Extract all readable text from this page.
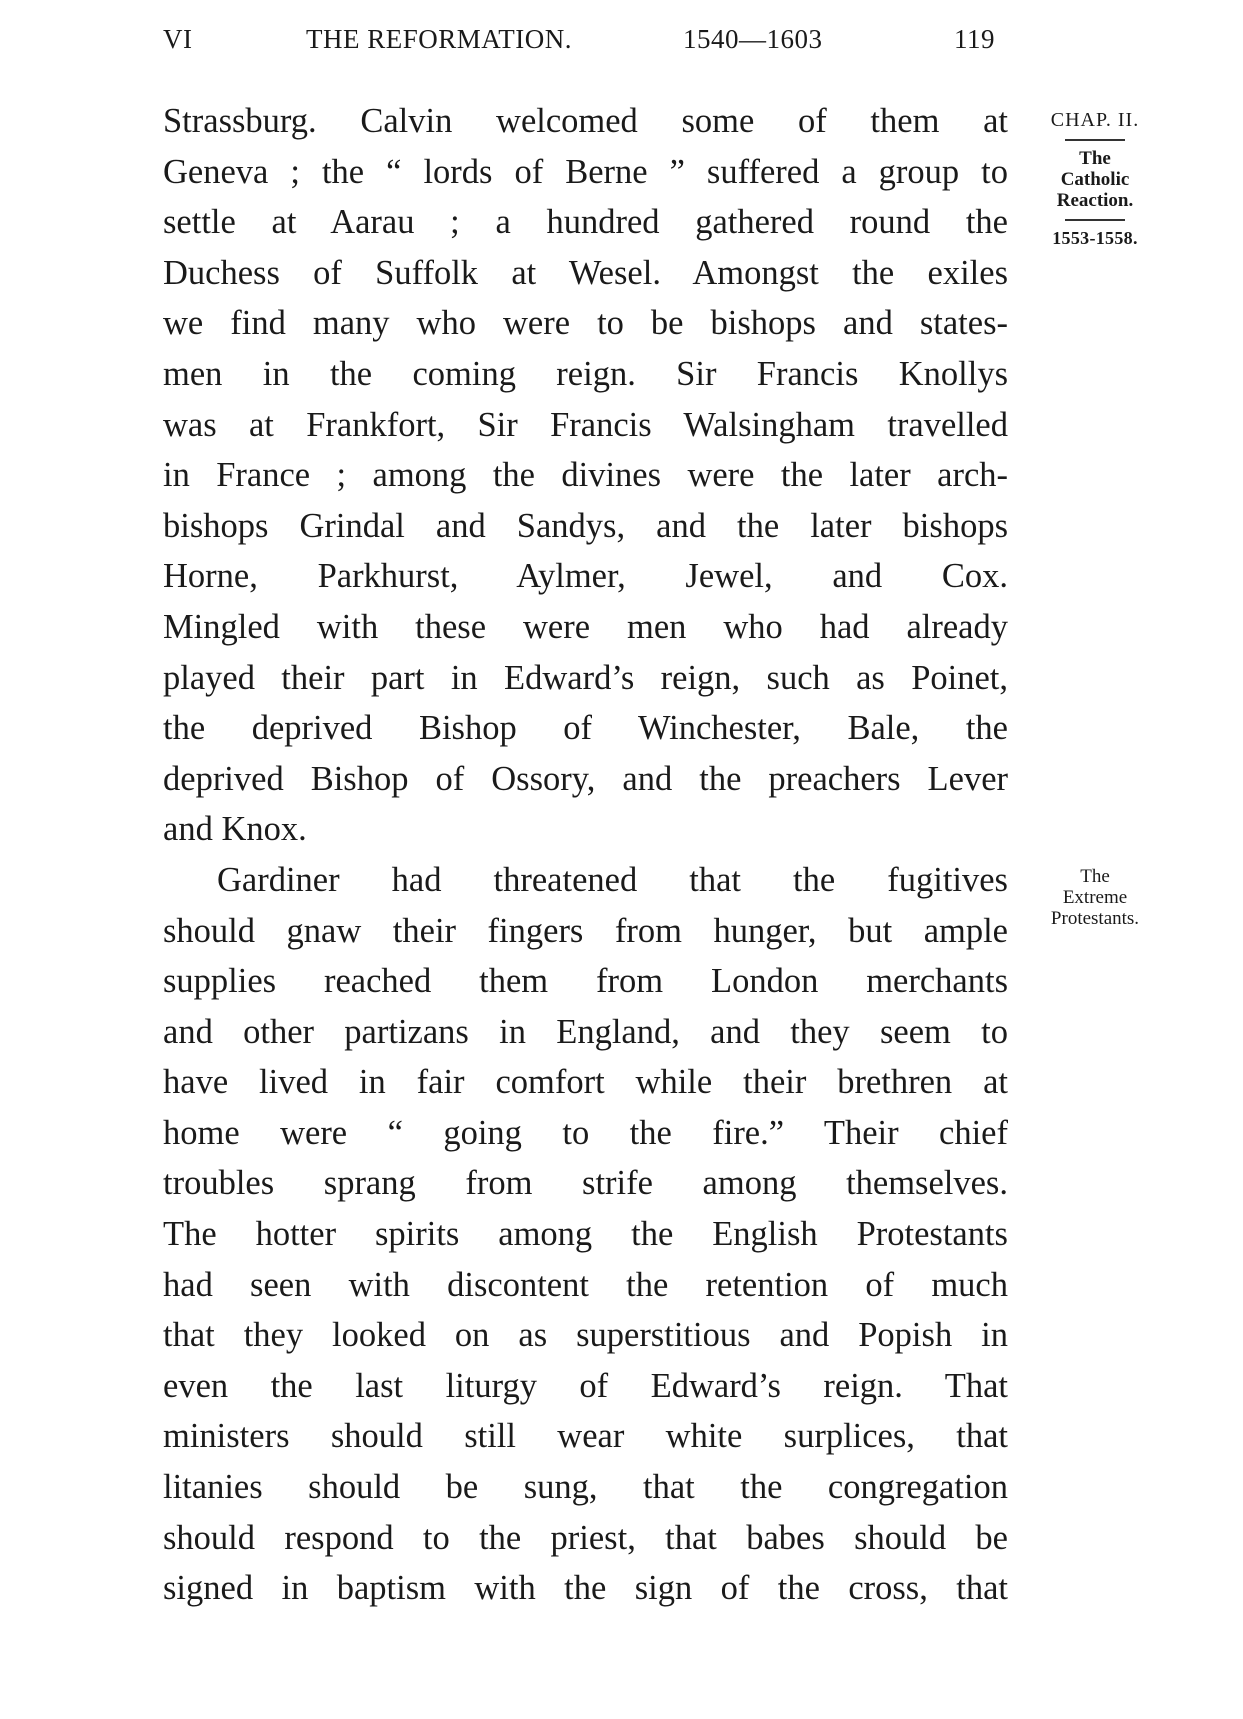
VI	THE REFORMATION.	1540—1603	119
Strassburg. Calvin welcomed some of them at
Geneva ; the “ lords of Berne ” suffered a group to
settle at Aarau ; a hundred gathered round the
Duchess of Suffolk at Wesel. Amongst the exiles
we find many who were to be bishops and states-
men in the coming reign. Sir Francis Knollys
was at Frankfort, Sir Francis Walsingham travelled
in France ; among the divines were the later arch-
bishops Grindal and Sandys, and the later bishops
Horne, Parkhurst, Aylmer, Jewel, and Cox.
Mingled with these were men who had already
played their part in Edward’s reign, such as Poinet,
the deprived Bishop of Winchester, Bale, the
deprived Bishop of Ossory, and the preachers Lever
and Knox.
Gardiner had threatened that the fugitives
should gnaw their fingers from hunger, but ample
supplies reached them from London merchants
and other partizans in England, and they seem to
have lived in fair comfort while their brethren at
home were “ going to the fire.” Their chief
troubles sprang from strife among themselves.
The hotter spirits among the English Protestants
had seen with discontent the retention of much
that they looked on as superstitious and Popish in
even the last liturgy of Edward’s reign. That
ministers should still wear white surplices, that
litanies should be sung, that the congregation
should respond to the priest, that babes should be
signed in baptism with the sign of the cross, that
CHAP. II.
The
Catholic
Reaction.
1553-1558.
The
Extreme
Protestants.
